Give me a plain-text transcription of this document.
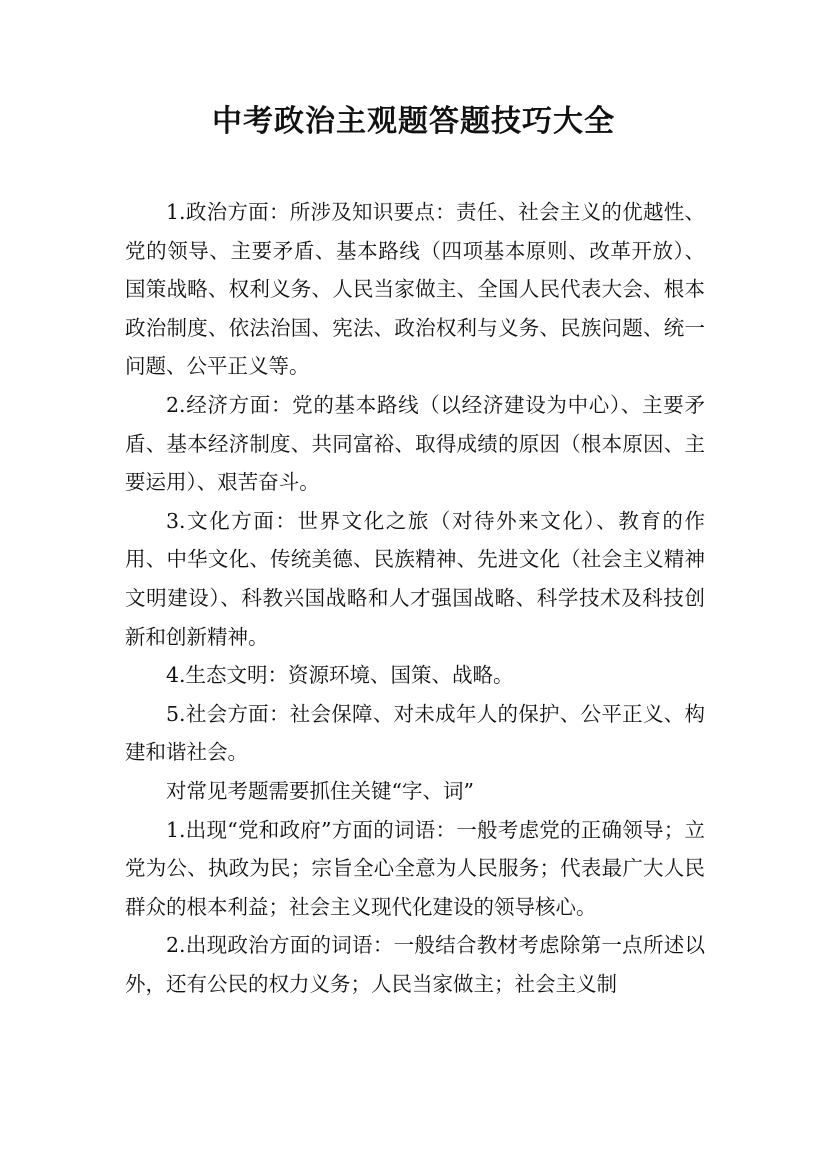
中考政治主观题答题技巧大全

1.政治方面：所涉及知识要点：责任、社会主义的优越性、党的领导、主要矛盾、基本路线（四项基本原则、改革开放）、国策战略、权利义务、人民当家做主、全国人民代表大会、根本政治制度、依法治国、宪法、政治权利与义务、民族问题、统一问题、公平正义等。

2.经济方面：党的基本路线（以经济建设为中心）、主要矛盾、基本经济制度、共同富裕、取得成绩的原因（根本原因、主要运用）、艰苦奋斗。

3.文化方面：世界文化之旅（对待外来文化）、教育的作用、中华文化、传统美德、民族精神、先进文化（社会主义精神文明建设）、科教兴国战略和人才强国战略、科学技术及科技创新和创新精神。

4.生态文明：资源环境、国策、战略。

5.社会方面：社会保障、对未成年人的保护、公平正义、构建和谐社会。

对常见考题需要抓住关键“字、词”

1.出现“党和政府”方面的词语：一般考虑党的正确领导；立党为公、执政为民；宗旨全心全意为人民服务；代表最广大人民群众的根本利益；社会主义现代化建设的领导核心。

2.出现政治方面的词语：一般结合教材考虑除第一点所述以外，还有公民的权力义务；人民当家做主；社会主义制
